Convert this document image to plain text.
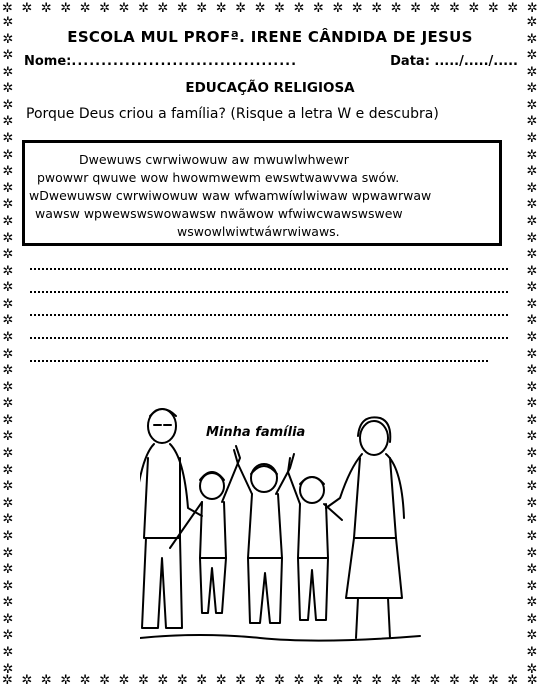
✲ ✲ ✲ ✲ ✲ ✲ ✲ ✲ ✲ ✲ ✲ ✲ ✲ ✲ ✲ ✲ ✲ ✲ ✲ ✲ ✲ ✲ ✲ ✲ ✲ ✲ ✲ ✲
✲ ✲ ✲ ✲ ✲ ✲ ✲ ✲ ✲ ✲ ✲ ✲ ✲ ✲ ✲ ✲ ✲ ✲ ✲ ✲ ✲ ✲ ✲ ✲ ✲ ✲ ✲ ✲
✲
✲
✲
✲
✲
✲
✲
✲
✲
✲
✲
✲
✲
✲
✲
✲
✲
✲
✲
✲
✲
✲
✲
✲
✲
✲
✲
✲
✲
✲
✲
✲
✲
✲
✲
✲
✲
✲
✲
✲
✲
✲
✲
✲
✲
✲
✲
✲
✲
✲
✲
✲
✲
✲
✲
✲
✲
✲
✲
✲
✲
✲
✲
✲
✲
✲
✲
✲
✲
✲
✲
✲
✲
✲
✲
✲
✲
✲
✲
✲
ESCOLA MUL PROFª. IRENE CÂNDIDA DE JESUS
Nome: ......................................	Data: ...../...../.....
EDUCAÇÃO RELIGIOSA
Porque Deus criou a família? (Risque a letra W e descubra)
Dwewuws cwrwiwowuw aw mwuwlwhwewr
pwowwr qwuwe wow hwowmwewm ewswtwawvwa swów.
wDwewuwsw cwrwiwowuw waw wfwamwíwlwiwaw wpwawrwaw
wawsw wpwewswswowawsw nwãwow wfwiwcwawswswew
wswowlwiwtwáwrwiwaws.
Minha família
